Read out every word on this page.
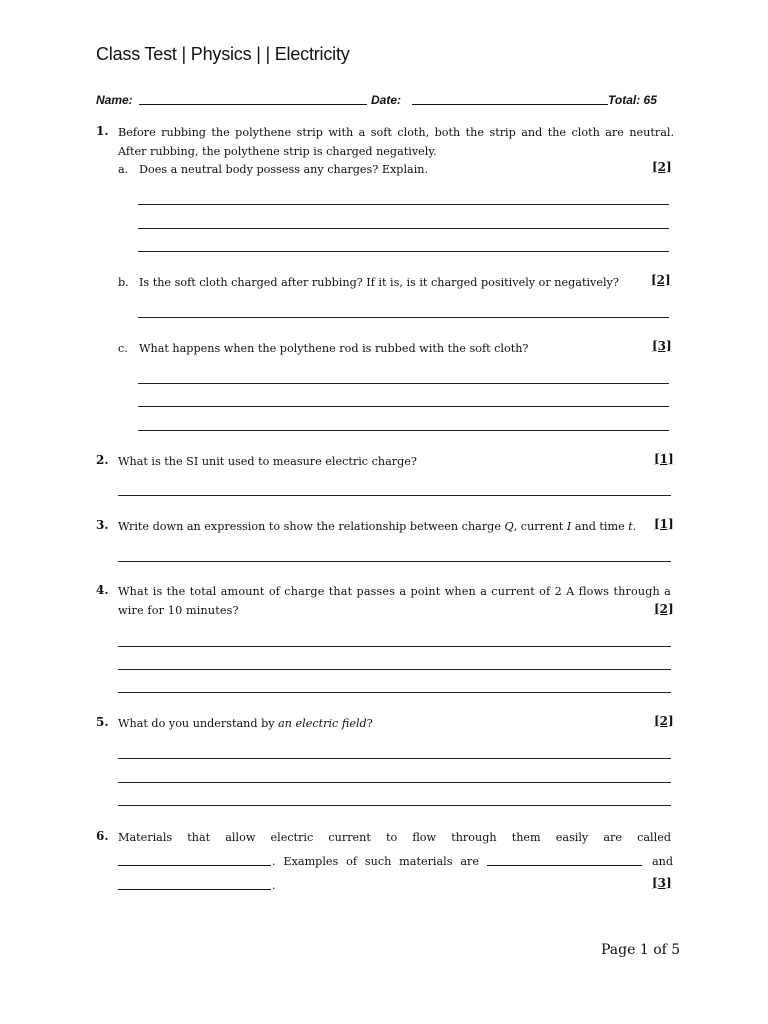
Class Test | Physics | | Electricity
Name:	Date:	Total: 65
1. Before rubbing the polythene strip with a soft cloth, both the strip and the cloth are neutral. After rubbing, the polythene strip is charged negatively.
a. Does a neutral body possess any charges? Explain.	[2]
b. Is the soft cloth charged after rubbing? If it is, is it charged positively or negatively?	[2]
c. What happens when the polythene rod is rubbed with the soft cloth?	[3]
2. What is the SI unit used to measure electric charge?	[1]
3. Write down an expression to show the relationship between charge Q, current I and time t. [1]
4. What is the total amount of charge that passes a point when a current of 2 A flows through a wire for 10 minutes?	[2]
5. What do you understand by an electric field?	[2]
6. Materials that allow electric current to flow through them easily are called
. Examples of such materials are	and
.	[3]
Page 1 of 5
